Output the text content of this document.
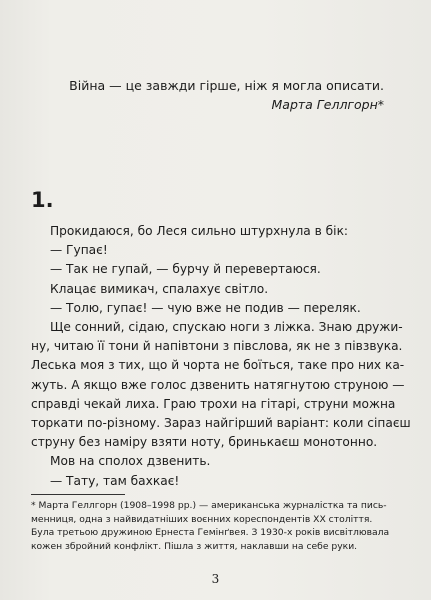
Війна — це завжди гірше, ніж я могла описати.
Марта Геллгорн*
1.
Прокидаюся, бо Леся сильно штурхнула в бік:
— Гупає!
— Так не гупай, — бурчу й перевертаюся.
Клацає вимикач, спалахує світло.
— Толю, гупає! — чую вже не подив — переляк.
Ще сонний, сідаю, спускаю ноги з ліжка. Знаю дружи-
ну, читаю її тони й напівтони з півслова, як не з півзвука.
Леська моя з тих, що й чорта не боїться, таке про них ка-
жуть. А якщо вже голос дзвенить натягнутою струною —
справді чекай лиха. Граю трохи на гітарі, струни можна
торкати по-різному. Зараз найгірший варіант: коли сіпаєш
струну без наміру взяти ноту, бринькаєш монотонно.
Мов на сполох дзвенить.
— Тату, там бахкає!
* Марта Геллгорн (1908–1998 рр.) — американська журналістка та пись-
менниця, одна з найвидатніших воєнних кореспондентів XX століття.
Була третьою дружиною Ернеста Гемінґвея. З 1930-х років висвітлювала
кожен збройний конфлікт. Пішла з життя, наклавши на себе руки.
3
